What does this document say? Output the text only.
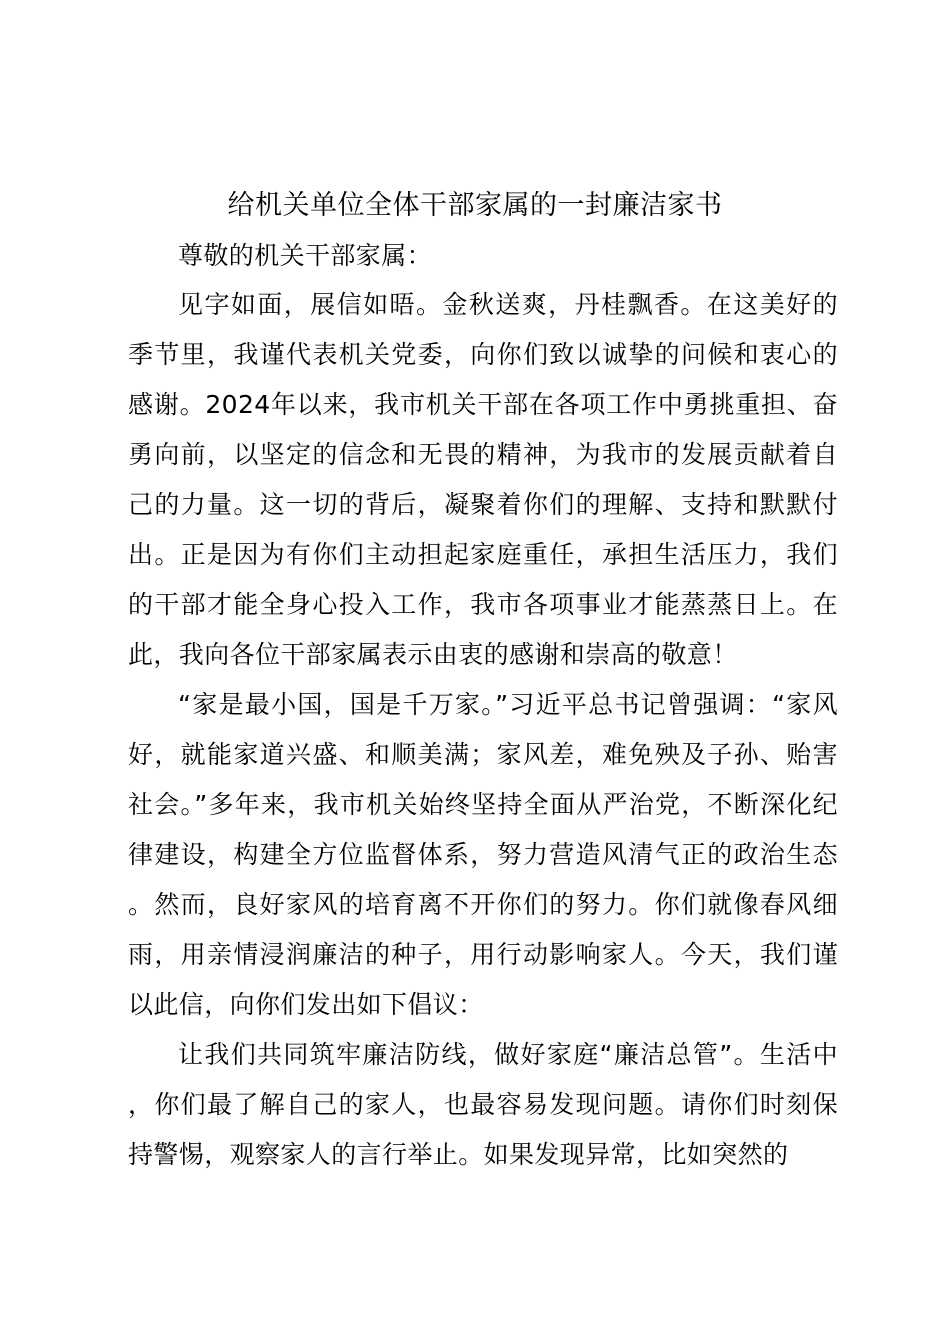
给机关单位全体干部家属的一封廉洁家书

尊敬的机关干部家属：

见字如面，展信如晤。金秋送爽，丹桂飘香。在这美好的季节里，我谨代表机关党委，向你们致以诚挚的问候和衷心的感谢。2024年以来，我市机关干部在各项工作中勇挑重担、奋勇向前，以坚定的信念和无畏的精神，为我市的发展贡献着自己的力量。这一切的背后，凝聚着你们的理解、支持和默默付出。正是因为有你们主动担起家庭重任，承担生活压力，我们的干部才能全身心投入工作，我市各项事业才能蒸蒸日上。在此，我向各位干部家属表示由衷的感谢和崇高的敬意！

“家是最小国，国是千万家。”习近平总书记曾强调：“家风好，就能家道兴盛、和顺美满；家风差，难免殃及子孙、贻害社会。”多年来，我市机关始终坚持全面从严治党，不断深化纪律建设，构建全方位监督体系，努力营造风清气正的政治生态。然而，良好家风的培育离不开你们的努力。你们就像春风细雨，用亲情浸润廉洁的种子，用行动影响家人。今天，我们谨以此信，向你们发出如下倡议：

让我们共同筑牢廉洁防线，做好家庭“廉洁总管”。生活中，你们最了解自己的家人，也最容易发现问题。请你们时刻保持警惕，观察家人的言行举止。如果发现异常，比如突然的
